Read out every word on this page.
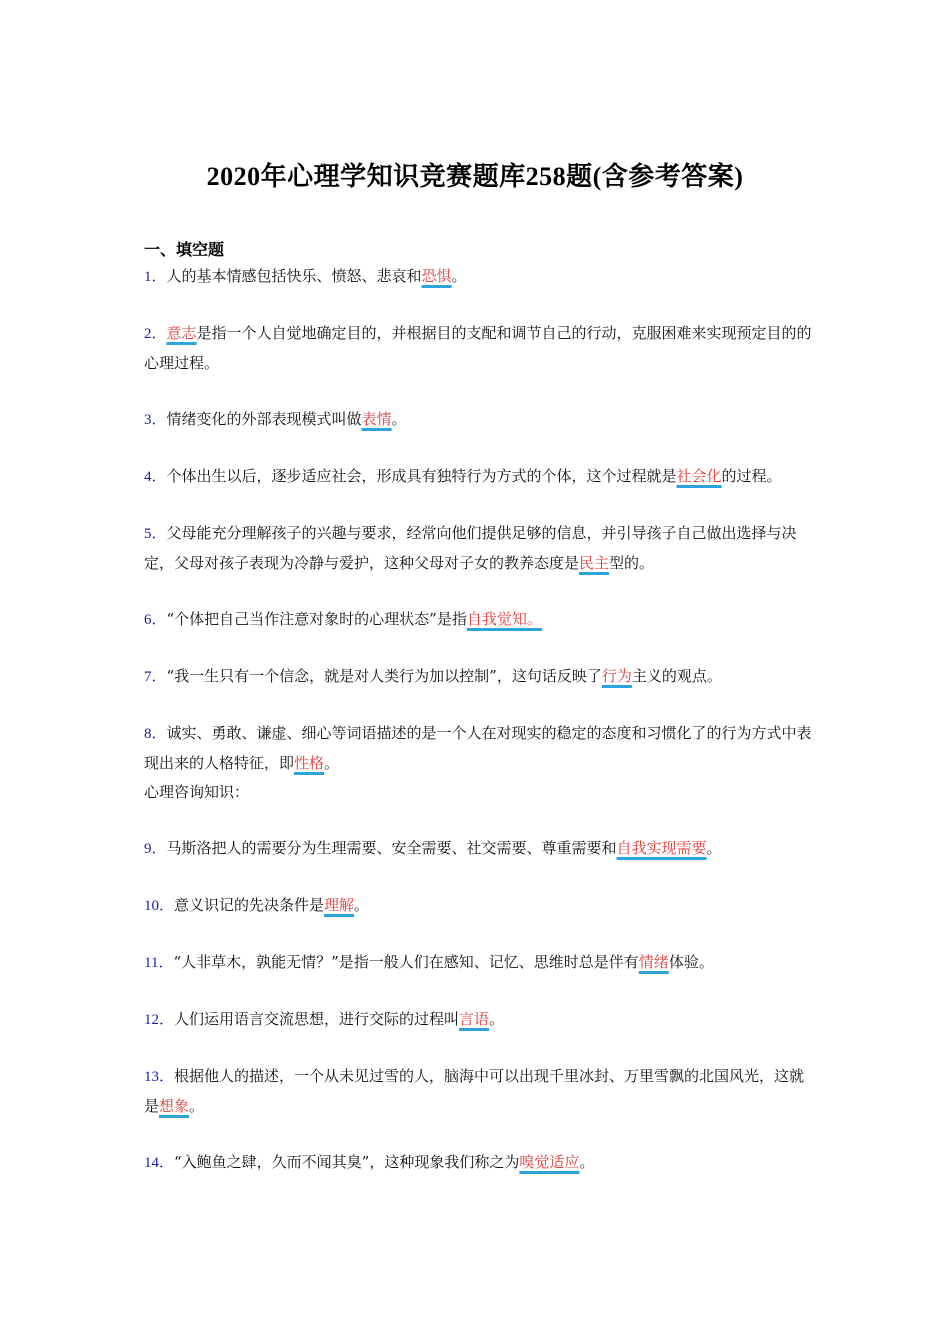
2020年心理学知识竞赛题库258题(含参考答案)
一、填空题

1．人的基本情感包括快乐、愤怒、悲哀和恐惧。

2．意志是指一个人自觉地确定目的，并根据目的支配和调节自己的行动，克服困难来实现预定目的的心理过程。

3．情绪变化的外部表现模式叫做表情。

4．个体出生以后，逐步适应社会，形成具有独特行为方式的个体，这个过程就是社会化的过程。

5．父母能充分理解孩子的兴趣与要求，经常向他们提供足够的信息，并引导孩子自己做出选择与决定，父母对孩子表现为冷静与爱护，这种父母对子女的教养态度是民主型的。

6．“个体把自己当作注意对象时的心理状态”是指自我觉知。

7．“我一生只有一个信念，就是对人类行为加以控制”，这句话反映了行为主义的观点。

8．诚实、勇敢、谦虚、细心等词语描述的是一个人在对现实的稳定的态度和习惯化了的行为方式中表现出来的人格特征，即性格。

心理咨询知识：

9．马斯洛把人的需要分为生理需要、安全需要、社交需要、尊重需要和自我实现需要。

10．意义识记的先决条件是理解。

11．“人非草木，孰能无情？”是指一般人们在感知、记忆、思维时总是伴有情绪体验。

12．人们运用语言交流思想，进行交际的过程叫言语。

13．根据他人的描述，一个从未见过雪的人，脑海中可以出现千里冰封、万里雪飘的北国风光，这就是想象。

14．“入鲍鱼之肆，久而不闻其臭”，这种现象我们称之为嗅觉适应。
